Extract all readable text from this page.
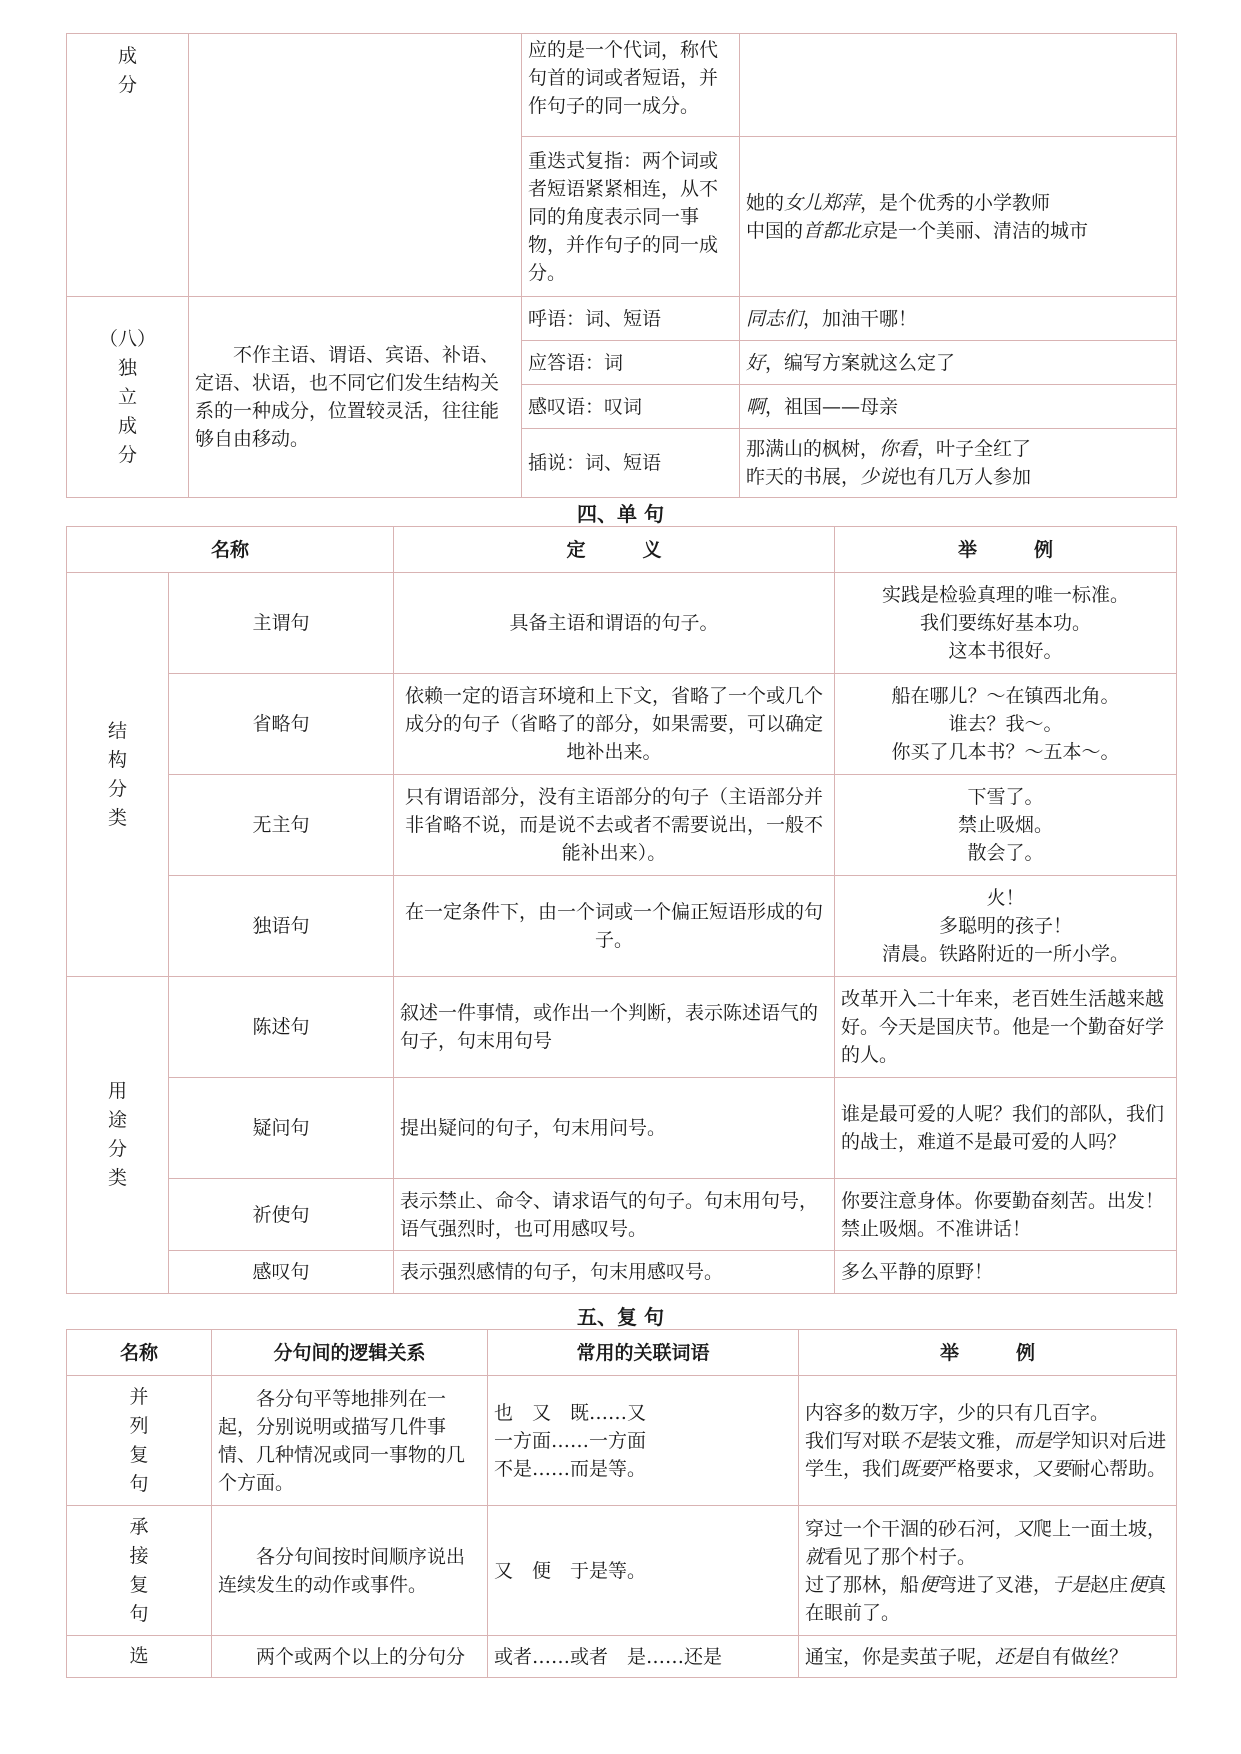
成
分		应的是一个代词，称代句首的词或者短语，并作句子的同一成分。	
		重迭式复指：两个词或者短语紧紧相连，从不同的角度表示同一事物，并作句子的同一成分。	她的女儿郑萍，是个优秀的小学教师
中国的首都北京是一个美丽、清洁的城市

（八）
独
立
成
分	不作主语、谓语、宾语、补语、定语、状语，也不同它们发生结构关系的一种成分，位置较灵活，往往能够自由移动。	呼语：词、短语	同志们，加油干哪！
		应答语：词	好，编写方案就这么定了
		感叹语：叹词	啊，祖国——母亲
		插说：词、短语	那满山的枫树，你看，叶子全红了
昨天的书展，少说也有几万人参加
四、单 句
名称		定　　　义	举　　　例

结
构
分
类	主谓句	具备主语和谓语的句子。	实践是检验真理的唯一标准。
我们要练好基本功。
这本书很好。

	省略句	依赖一定的语言环境和上下文，省略了一个或几个成分的句子（省略了的部分，如果需要，可以确定地补出来。	船在哪儿？～在镇西北角。
谁去？我～。
你买了几本书？～五本～。

	无主句	只有谓语部分，没有主语部分的句子（主语部分并非省略不说，而是说不去或者不需要说出，一般不能补出来）。	下雪了。
禁止吸烟。
散会了。

	独语句	在一定条件下，由一个词或一个偏正短语形成的句子。	火！
多聪明的孩子！
清晨。铁路附近的一所小学。

用
途
分
类	陈述句	叙述一件事情，或作出一个判断，表示陈述语气的句子，句末用句号	改革开入二十年来，老百姓生活越来越好。今天是国庆节。他是一个勤奋好学的人。
	疑问句	提出疑问的句子，句末用问号。	谁是最可爱的人呢？我们的部队，我们的战士，难道不是最可爱的人吗？
	祈使句	表示禁止、命令、请求语气的句子。句末用句号，语气强烈时，也可用感叹号。	你要注意身体。你要勤奋刻苦。出发！禁止吸烟。不准讲话！
	感叹句	表示强烈感情的句子，句末用感叹号。	多么平静的原野！
五、复 句
名称	分句间的逻辑关系	常用的关联词语	举　　　例

并
列
复
句	各分句平等地排列在一起，分别说明或描写几件事情、几种情况或同一事物的几个方面。	也　又　既……又
一方面……一方面
不是……而是等。	内容多的数万字，少的只有几百字。
我们写对联不是装文雅，而是学知识对后进学生，我们既要严格要求，又要耐心帮助。

承
接
复
句	各分句间按时间顺序说出连续发生的动作或事件。	又　便　于是等。	穿过一个干涸的砂石河，又爬上一面土坡，就看见了那个村子。
过了那林，船便弯进了叉港，于是赵庄便真在眼前了。

选	两个或两个以上的分句分	或者……或者　是……还是	通宝，你是卖茧子呢，还是自有做丝？
